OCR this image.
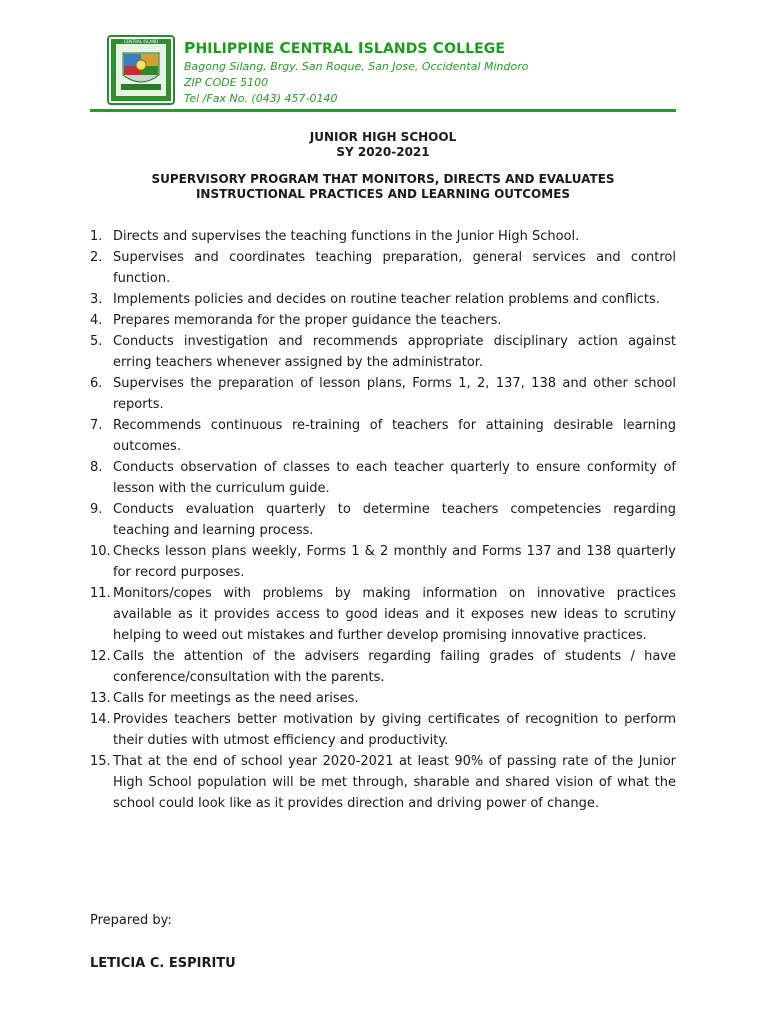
CENTRAL ISLAND PHILIPPINE CENTRAL ISLANDS COLLEGE

Bagong Silang, Brgy. San Roque, San Jose, Occidental Mindoro

ZIP CODE 5100

Tel /Fax No. (043) 457-0140

JUNIOR HIGH SCHOOL
SY 2020-2021
SUPERVISORY PROGRAM THAT MONITORS, DIRECTS AND EVALUATES
INSTRUCTIONAL PRACTICES AND LEARNING OUTCOMES
1. Directs and supervises the teaching functions in the Junior High School.
2. Supervises and coordinates teaching preparation, general services and control function.
3. Implements policies and decides on routine teacher relation problems and conflicts.
4. Prepares memoranda for the proper guidance the teachers.
5. Conducts investigation and recommends appropriate disciplinary action against erring teachers whenever assigned by the administrator.
6. Supervises the preparation of lesson plans, Forms 1, 2, 137, 138 and other school reports.
7. Recommends continuous re-training of teachers for attaining desirable learning outcomes.
8. Conducts observation of classes to each teacher quarterly to ensure conformity of lesson with the curriculum guide.
9. Conducts evaluation quarterly to determine teachers competencies regarding teaching and learning process.
10. Checks lesson plans weekly, Forms 1 & 2 monthly and Forms 137 and 138 quarterly for record purposes.
11. Monitors/copes with problems by making information on innovative practices available as it provides access to good ideas and it exposes new ideas to scrutiny helping to weed out mistakes and further develop promising innovative practices.
12. Calls the attention of the advisers regarding failing grades of students / have conference/consultation with the parents.
13. Calls for meetings as the need arises.
14. Provides teachers better motivation by giving certificates of recognition to perform their duties with utmost efficiency and productivity.
15. That at the end of school year 2020-2021 at least 90% of passing rate of the Junior High School population will be met through, sharable and shared vision of what the school could look like as it provides direction and driving power of change.

Prepared by:

LETICIA C. ESPIRITU
